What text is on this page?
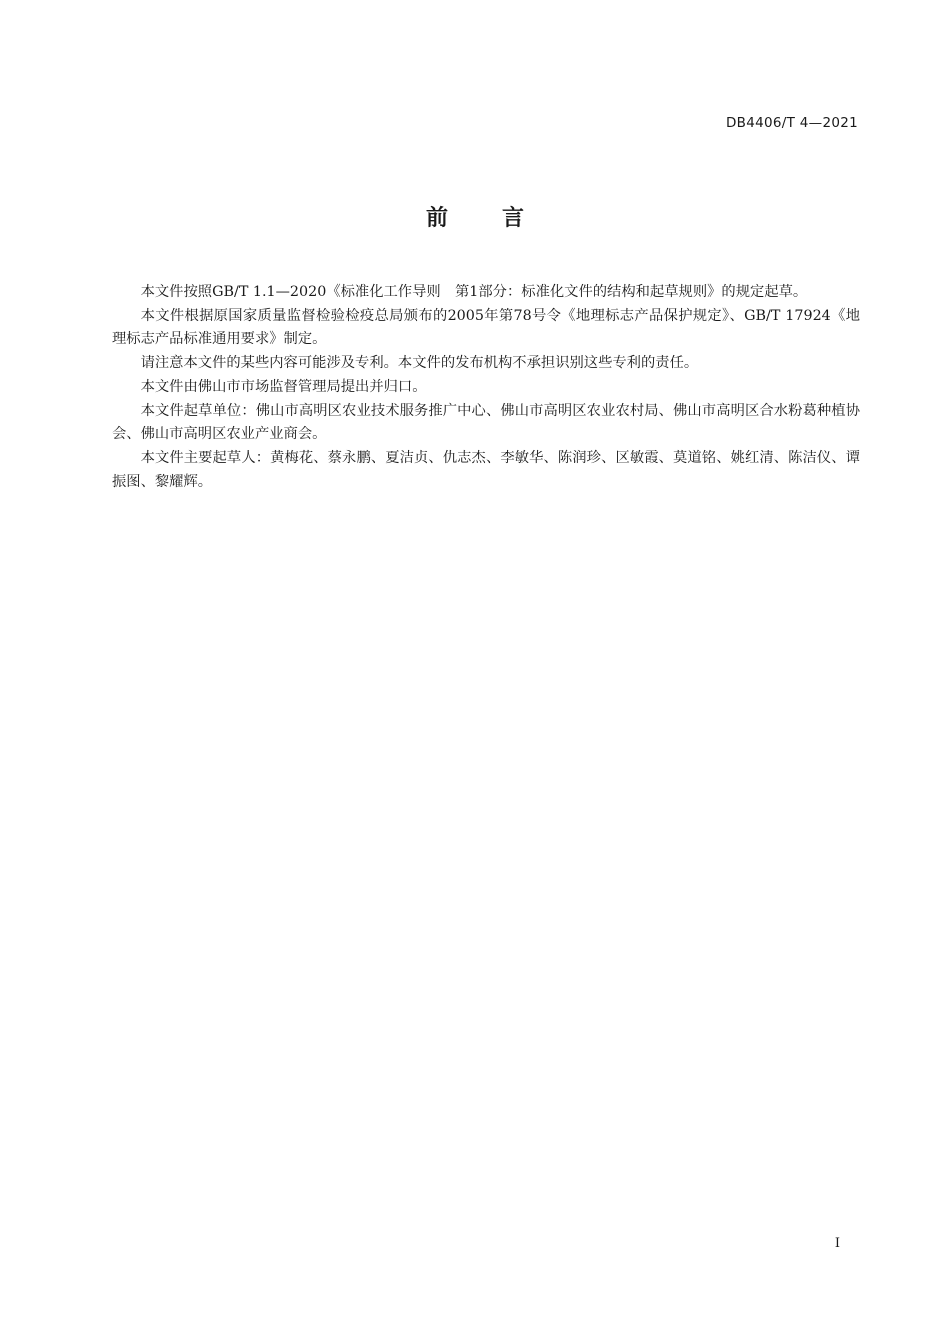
DB4406/T 4—2021
前言

本文件按照GB/T 1.1—2020《标准化工作导则　第1部分：标准化文件的结构和起草规则》的规定起草。

本文件根据原国家质量监督检验检疫总局颁布的2005年第78号令《地理标志产品保护规定》、GB/T 17924《地理标志产品标准通用要求》制定。

请注意本文件的某些内容可能涉及专利。本文件的发布机构不承担识别这些专利的责任。

本文件由佛山市市场监督管理局提出并归口。

本文件起草单位：佛山市高明区农业技术服务推广中心、佛山市高明区农业农村局、佛山市高明区合水粉葛种植协会、佛山市高明区农业产业商会。

本文件主要起草人：黄梅花、蔡永鹏、夏洁贞、仇志杰、李敏华、陈润珍、区敏霞、莫道铭、姚红清、陈洁仪、谭振图、黎耀辉。

I
